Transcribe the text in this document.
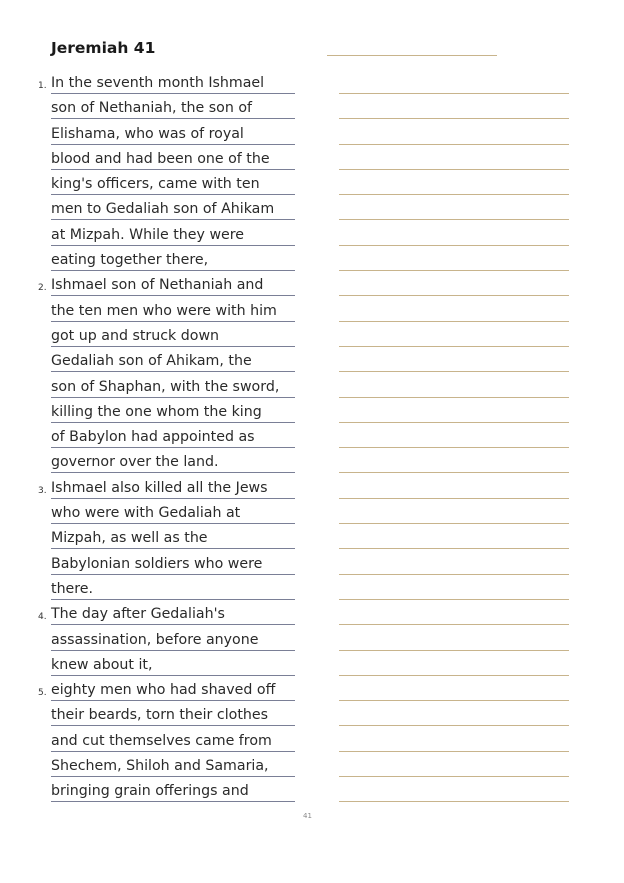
Jeremiah 41
1. In the seventh month Ishmael
son of Nethaniah, the son of
Elishama, who was of royal
blood and had been one of the
king's officers, came with ten
men to Gedaliah son of Ahikam
at Mizpah. While they were
eating together there,
2. Ishmael son of Nethaniah and
the ten men who were with him
got up and struck down
Gedaliah son of Ahikam, the
son of Shaphan, with the sword,
killing the one whom the king
of Babylon had appointed as
governor over the land.
3. Ishmael also killed all the Jews
who were with Gedaliah at
Mizpah, as well as the
Babylonian soldiers who were
there.
4. The day after Gedaliah's
assassination, before anyone
knew about it,
5. eighty men who had shaved off
their beards, torn their clothes
and cut themselves came from
Shechem, Shiloh and Samaria,
bringing grain offerings and
41
